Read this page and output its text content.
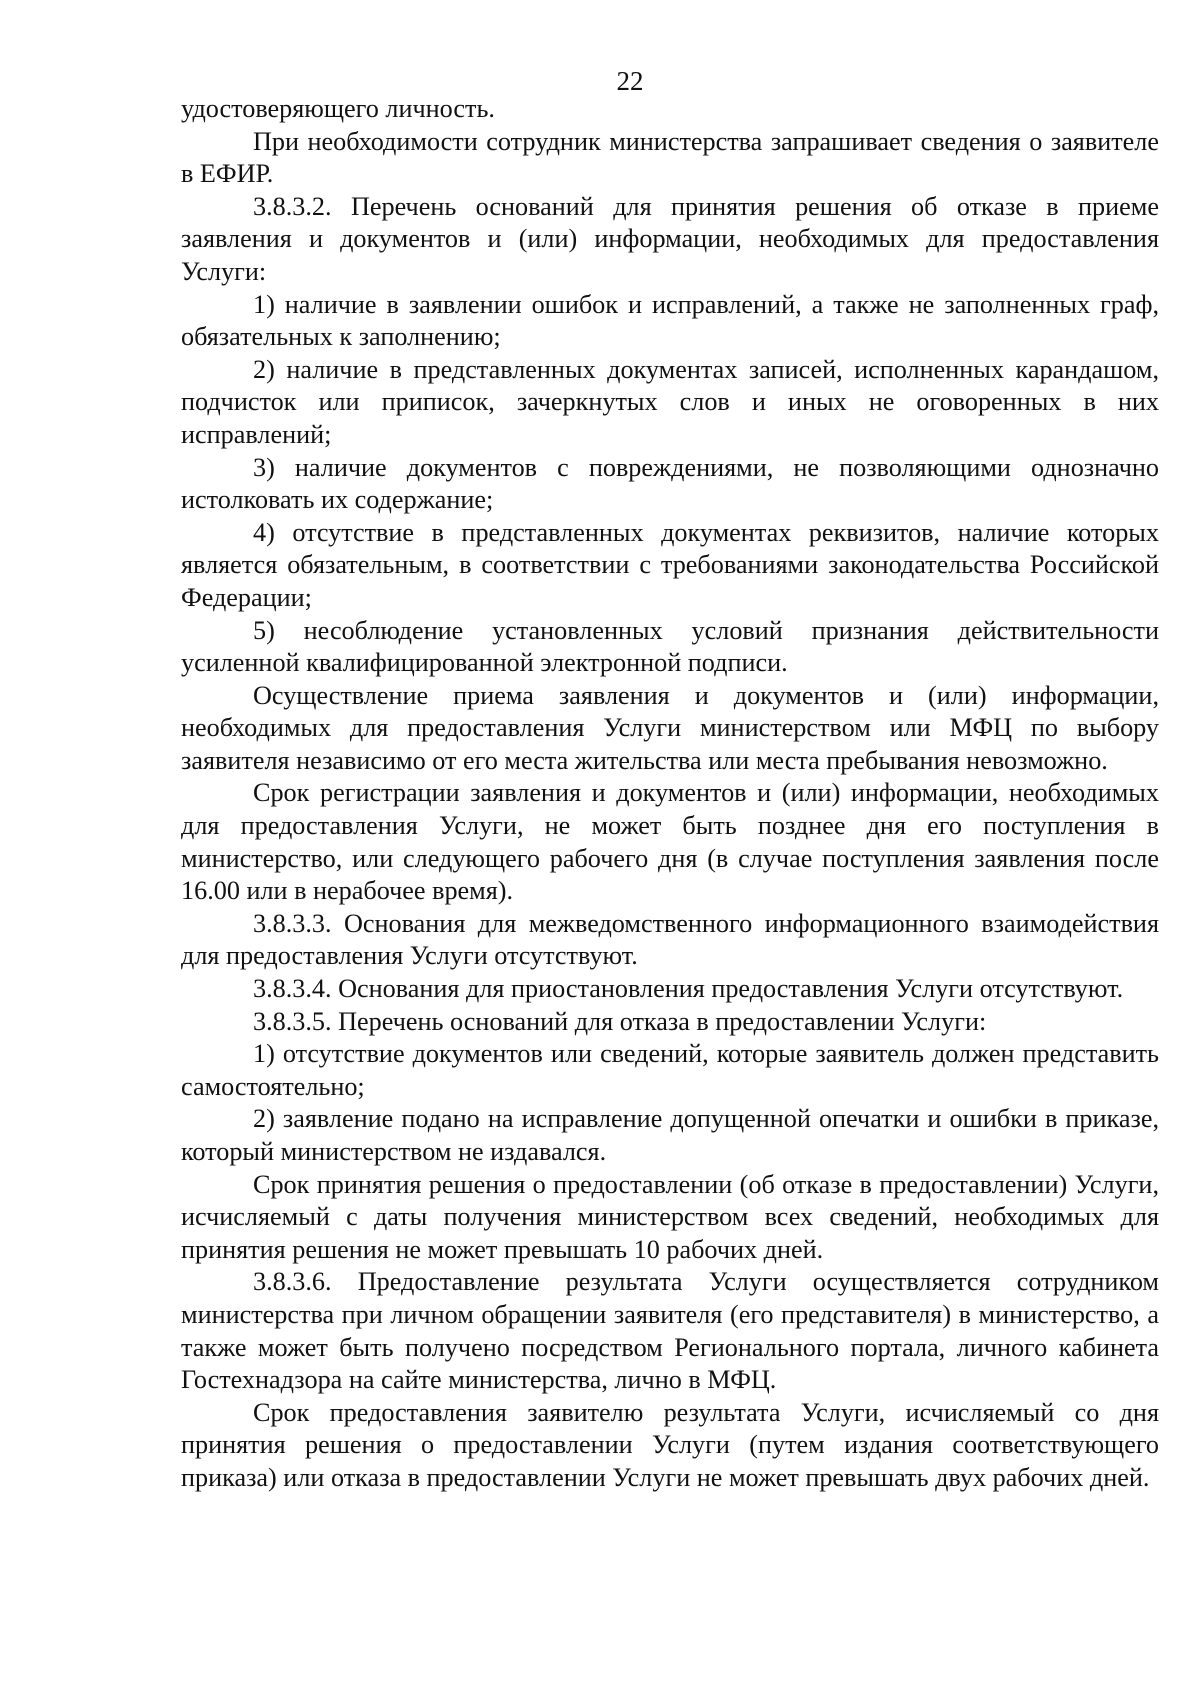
22

удостоверяющего личность.

При необходимости сотрудник министерства запрашивает сведения о заявителе в ЕФИР.

3.8.3.2. Перечень оснований для принятия решения об отказе в приеме заявления и документов и (или) информации, необходимых для предоставления Услуги:

1) наличие в заявлении ошибок и исправлений, а также не заполненных граф, обязательных к заполнению;

2) наличие в представленных документах записей, исполненных карандашом, подчисток или приписок, зачеркнутых слов и иных не оговоренных в них исправлений;

3) наличие документов с повреждениями, не позволяющими однозначно истолковать их содержание;

4) отсутствие в представленных документах реквизитов, наличие которых является обязательным, в соответствии с требованиями законодательства Российской Федерации;

5) несоблюдение установленных условий признания действительности усиленной квалифицированной электронной подписи.

Осуществление приема заявления и документов и (или) информации, необходимых для предоставления Услуги министерством или МФЦ по выбору заявителя независимо от его места жительства или места пребывания невозможно.

Срок регистрации заявления и документов и (или) информации, необходимых для предоставления Услуги, не может быть позднее дня его поступления в министерство, или следующего рабочего дня (в случае поступления заявления после 16.00 или в нерабочее время).

3.8.3.3. Основания для межведомственного информационного взаимодействия для предоставления Услуги отсутствуют.

3.8.3.4. Основания для приостановления предоставления Услуги отсутствуют.

3.8.3.5. Перечень оснований для отказа в предоставлении Услуги:

1) отсутствие документов или сведений, которые заявитель должен представить самостоятельно;

2) заявление подано на исправление допущенной опечатки и ошибки в приказе, который министерством не издавался.

Срок принятия решения о предоставлении (об отказе в предоставлении) Услуги, исчисляемый с даты получения министерством всех сведений, необходимых для принятия решения не может превышать 10 рабочих дней.

3.8.3.6. Предоставление результата Услуги осуществляется сотрудником министерства при личном обращении заявителя (его представителя) в министерство, а также может быть получено посредством Регионального портала, личного кабинета Гостехнадзора на сайте министерства, лично в МФЦ.

Срок предоставления заявителю результата Услуги, исчисляемый со дня принятия решения о предоставлении Услуги (путем издания соответствующего приказа) или отказа в предоставлении Услуги не может превышать двух рабочих дней.
